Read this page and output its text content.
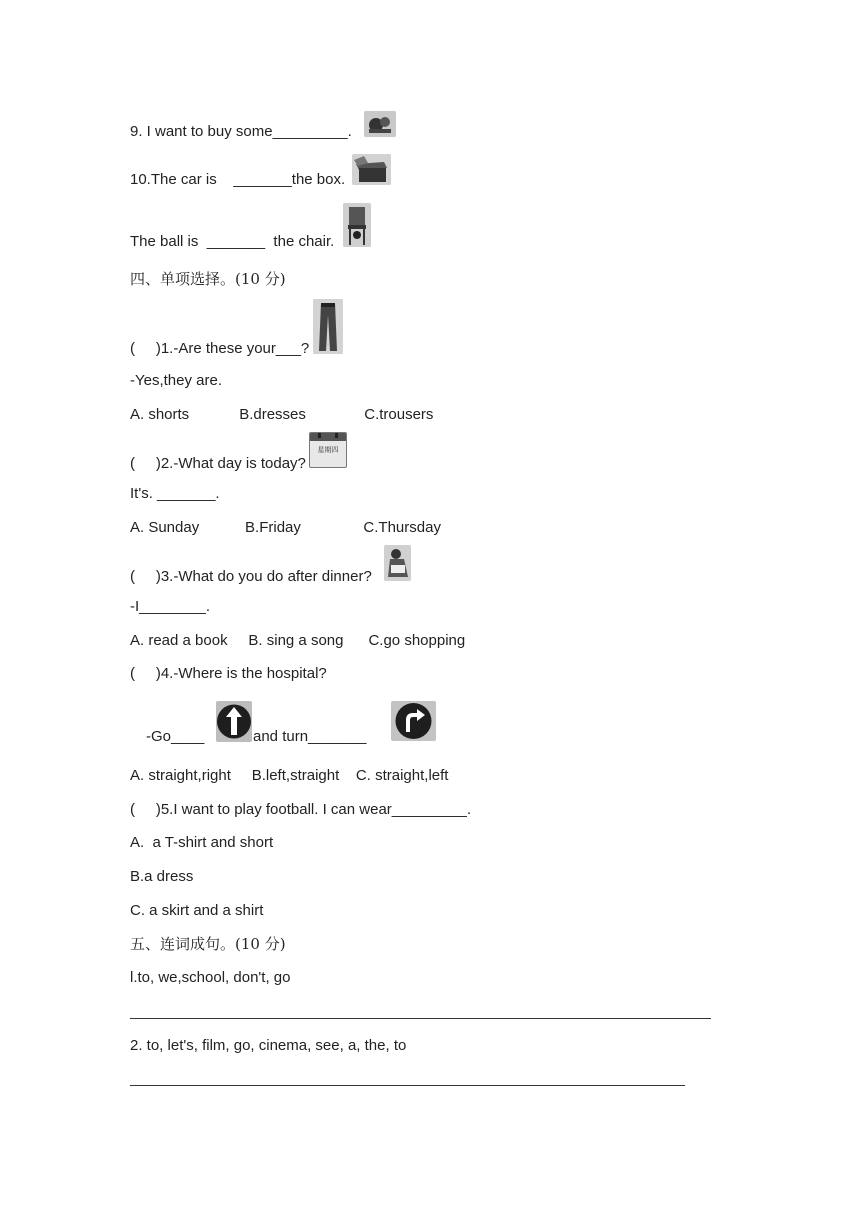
9. I want to buy some_________.
10.The car is    _______the box.
The ball is  _______  the chair.
四、单项选择。(10 分)
(     )1.-Are these your___?
-Yes,they are.
A. shorts            B.dresses              C.trousers
(     )2.-What day is today?
星期四
It's. _______.
A. Sunday           B.Friday               C.Thursday
(     )3.-What do you do after dinner?
-I________.
A. read a book     B. sing a song      C.go shopping
(     )4.-Where is the hospital?
-Go____	and turn_______
A. straight,right     B.left,straight    C. straight,left
(     )5.I want to play football. I can wear_________.
A.  a T-shirt and short
B.a dress
C. a skirt and a shirt
五、连词成句。(10 分)
l.to, we,school, don't, go
2. to, let's, film, go, cinema, see, a, the, to
